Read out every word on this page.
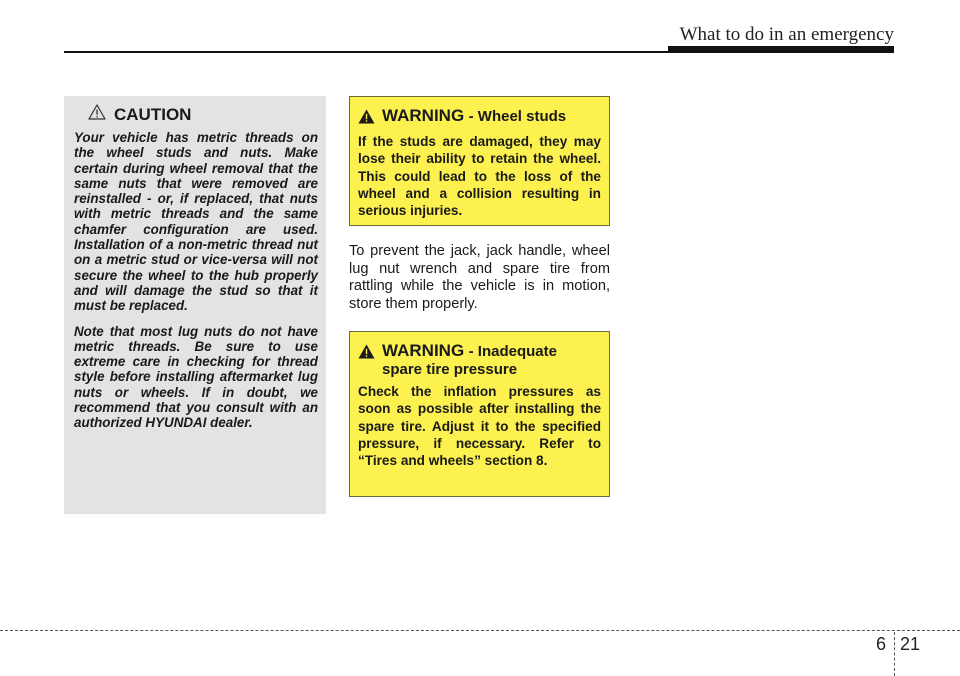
What to do in an emergency
CAUTION

Your vehicle has metric threads on the wheel studs and nuts. Make certain during wheel removal that the same nuts that were removed are reinstalled - or, if replaced, that nuts with metric threads and the same chamfer configuration are used. Installation of a non-metric thread nut on a metric stud or vice-versa will not secure the wheel to the hub properly and will damage the stud so that it must be replaced.

Note that most lug nuts do not have metric threads. Be sure to use extreme care in checking for thread style before installing aftermarket lug nuts or wheels. If in doubt, we recommend that you consult with an authorized HYUNDAI dealer.

WARNING - Wheel studs

If the studs are damaged, they may lose their ability to retain the wheel. This could lead to the loss of the wheel and a collision resulting in serious injuries.

To prevent the jack, jack handle, wheel lug nut wrench and spare tire from rattling while the vehicle is in motion, store them properly.

WARNING - Inadequate spare tire pressure

Check the inflation pressures as soon as possible after installing the spare tire. Adjust it to the specified pressure, if necessary. Refer to “Tires and wheels” section 8.

6 21
